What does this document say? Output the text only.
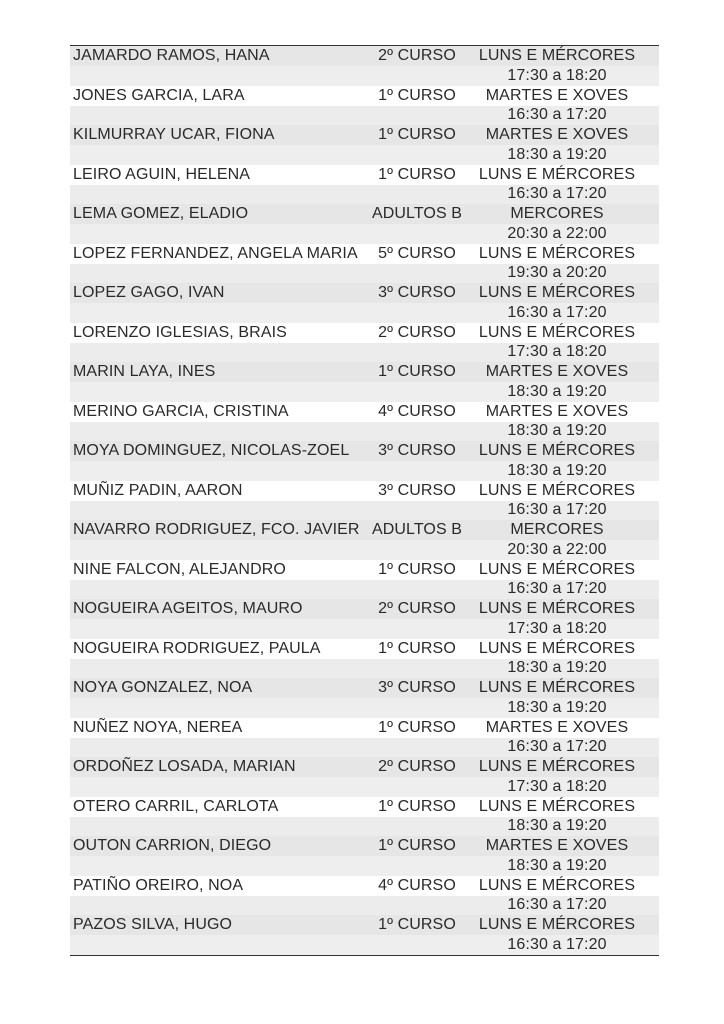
JAMARDO RAMOS, HANA	2º CURSO	LUNS E MÉRCORES
17:30 a 18:20
JONES GARCIA, LARA	1º CURSO	MARTES E XOVES
16:30 a 17:20
KILMURRAY UCAR, FIONA	1º CURSO	MARTES E XOVES
18:30 a 19:20
LEIRO AGUIN, HELENA	1º CURSO	LUNS E MÉRCORES
16:30 a 17:20
LEMA GOMEZ, ELADIO	ADULTOS B	MERCORES
20:30 a 22:00
LOPEZ FERNANDEZ, ANGELA MARIA	5º CURSO	LUNS E MÉRCORES
19:30 a 20:20
LOPEZ GAGO, IVAN	3º CURSO	LUNS E MÉRCORES
16:30 a 17:20
LORENZO IGLESIAS, BRAIS	2º CURSO	LUNS E MÉRCORES
17:30 a 18:20
MARIN LAYA, INES	1º CURSO	MARTES E XOVES
18:30 a 19:20
MERINO GARCIA, CRISTINA	4º CURSO	MARTES E XOVES
18:30 a 19:20
MOYA DOMINGUEZ, NICOLAS-ZOEL	3º CURSO	LUNS E MÉRCORES
18:30 a 19:20
MUÑIZ PADIN, AARON	3º CURSO	LUNS E MÉRCORES
16:30 a 17:20
NAVARRO RODRIGUEZ, FCO. JAVIER ADULTOS B	MERCORES
20:30 a 22:00
NINE FALCON, ALEJANDRO	1º CURSO	LUNS E MÉRCORES
16:30 a 17:20
NOGUEIRA AGEITOS, MAURO	2º CURSO	LUNS E MÉRCORES
17:30 a 18:20
NOGUEIRA RODRIGUEZ, PAULA	1º CURSO	LUNS E MÉRCORES
18:30 a 19:20
NOYA GONZALEZ, NOA	3º CURSO	LUNS E MÉRCORES
18:30 a 19:20
NUÑEZ NOYA, NEREA	1º CURSO	MARTES E XOVES
16:30 a 17:20
ORDOÑEZ LOSADA, MARIAN	2º CURSO	LUNS E MÉRCORES
17:30 a 18:20
OTERO CARRIL, CARLOTA	1º CURSO	LUNS E MÉRCORES
18:30 a 19:20
OUTON CARRION, DIEGO	1º CURSO	MARTES E XOVES
18:30 a 19:20
PATIÑO OREIRO, NOA	4º CURSO	LUNS E MÉRCORES
16:30 a 17:20
PAZOS SILVA, HUGO	1º CURSO	LUNS E MÉRCORES
16:30 a 17:20
